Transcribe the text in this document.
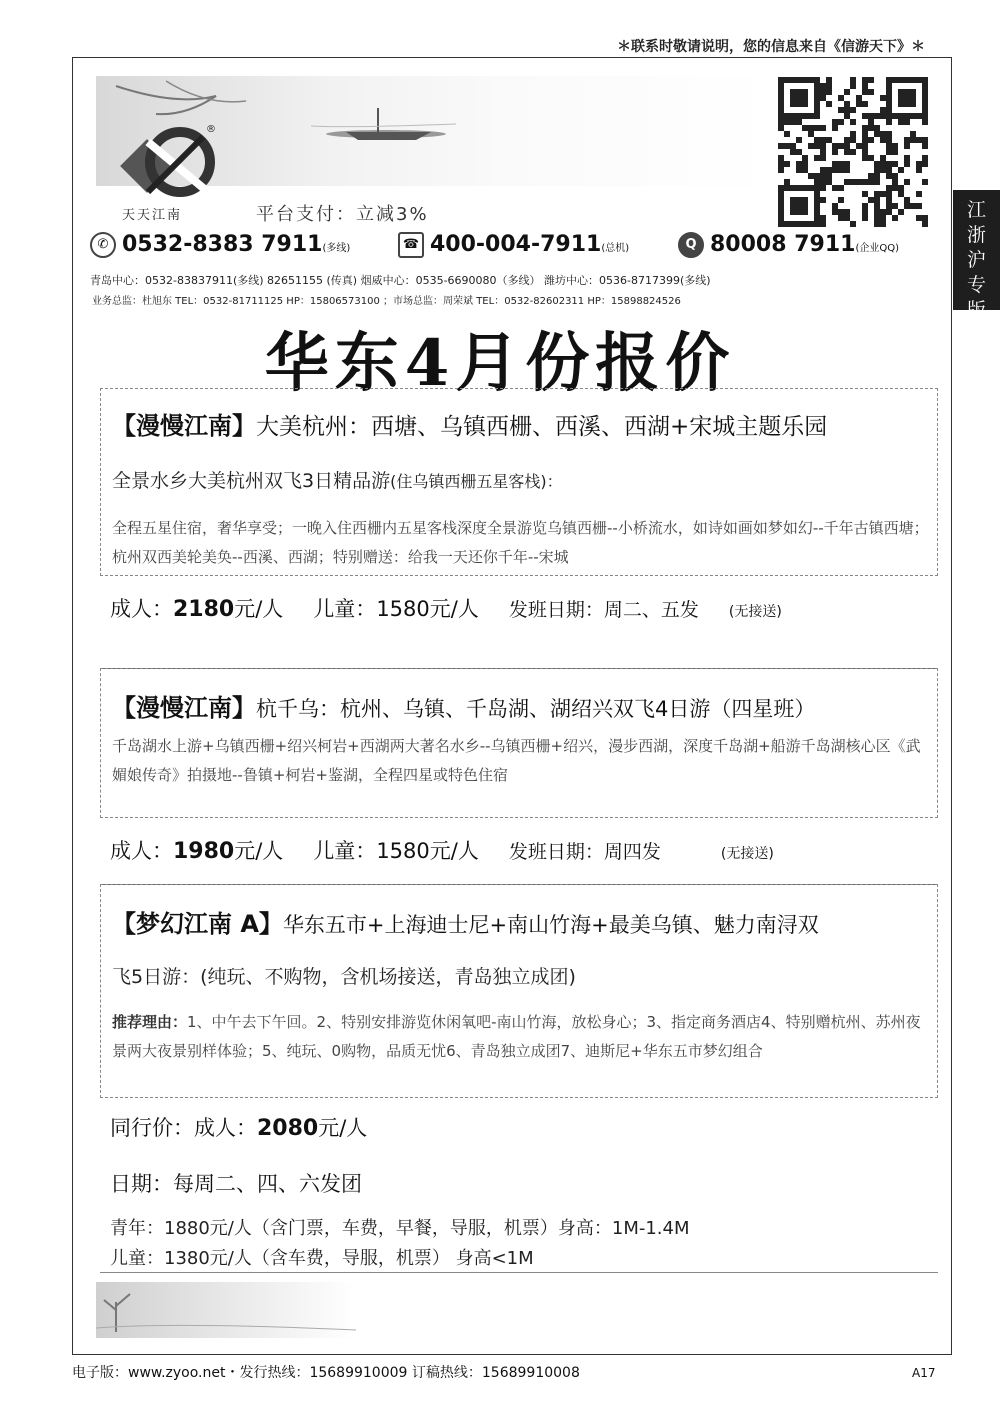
＊联系时敬请说明，您的信息来自《信游天下》＊
江浙沪专版
®
天天江南	平台支付：立减3%
✆ 0532-8383 7911(多线)	☎ 400-004-7911(总机)	Q 80008 7911(企业QQ)
青岛中心：0532-83837911(多线) 82651155 (传真) 烟威中心：0535-6690080（多线） 潍坊中心：0536-8717399(多线)
业务总监：杜旭东 TEL：0532-81711125 HP：15806573100 ；市场总监：周荣斌 TEL：0532-82602311 HP：15898824526
华东4月份报价
【漫慢江南】大美杭州：西塘、乌镇西栅、西溪、西湖+宋城主题乐园
全景水乡大美杭州双飞3日精品游(住乌镇西栅五星客栈)：
全程五星住宿，奢华享受；一晚入住西栅内五星客栈深度全景游览乌镇西栅--小桥流水，如诗如画如梦如幻--千年古镇西塘；杭州双西美轮美奂--西溪、西湖；特别赠送：给我一天还你千年--宋城
成人：2180元/人 儿童：1580元/人 发班日期：周二、五发 (无接送)
【漫慢江南】杭千乌：杭州、乌镇、千岛湖、湖绍兴双飞4日游（四星班）
千岛湖水上游+乌镇西栅+绍兴柯岩+西湖两大著名水乡--乌镇西栅+绍兴，漫步西湖，深度千岛湖+船游千岛湖核心区《武媚娘传奇》拍摄地--鲁镇+柯岩+鉴湖，全程四星或特色住宿
成人：1980元/人 儿童：1580元/人 发班日期：周四发	(无接送)
【梦幻江南 A】华东五市+上海迪士尼+南山竹海+最美乌镇、魅力南浔双
飞5日游：(纯玩、不购物，含机场接送，青岛独立成团)
推荐理由：1、中午去下午回。2、特别安排游览休闲氧吧-南山竹海，放松身心；3、指定商务酒店4、特别赠杭州、苏州夜景两大夜景别样体验；5、纯玩、0购物，品质无忧6、青岛独立成团7、迪斯尼+华东五市梦幻组合
同行价：成人：2080元/人
日期：每周二、四、六发团
青年：1880元/人（含门票，车费，早餐，导服，机票）身高：1M-1.4M
儿童：1380元/人（含车费，导服，机票） 身高<1M
电子版：www.zyoo.net・发行热线：15689910009 订稿热线：15689910008	A17
